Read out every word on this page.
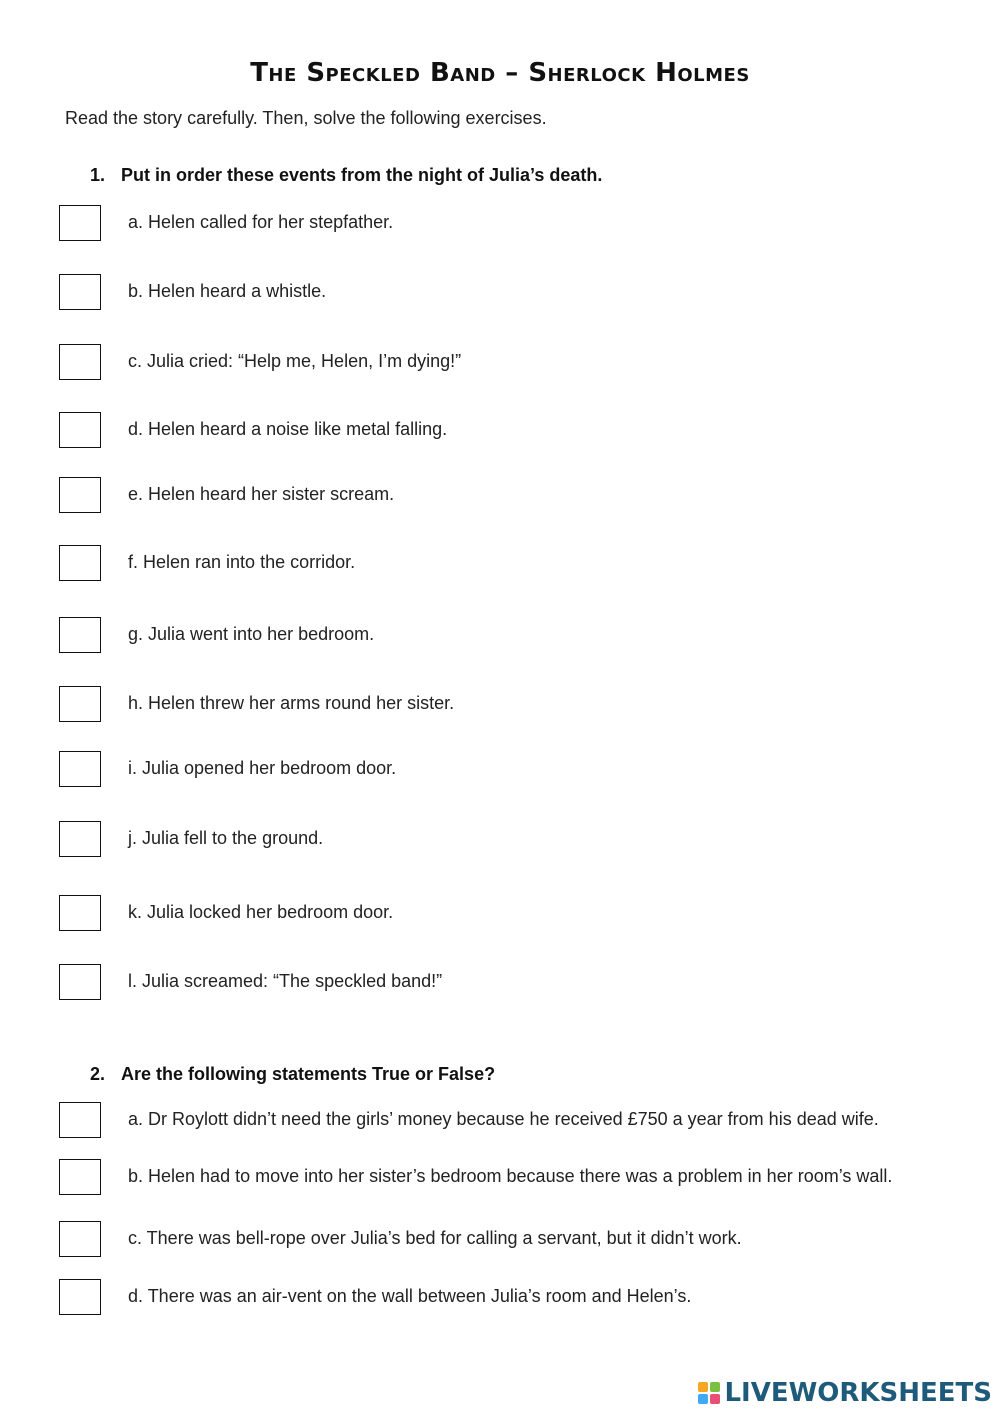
The Speckled Band – Sherlock Holmes
Read the story carefully. Then, solve the following exercises.
1. Put in order these events from the night of Julia’s death.
a. Helen called for her stepfather.
b. Helen heard a whistle.
c. Julia cried: “Help me, Helen, I’m dying!”
d. Helen heard a noise like metal falling.
e. Helen heard her sister scream.
f. Helen ran into the corridor.
g. Julia went into her bedroom.
h. Helen threw her arms round her sister.
i. Julia opened her bedroom door.
j. Julia fell to the ground.
k. Julia locked her bedroom door.
l. Julia screamed: “The speckled band!”
2. Are the following statements True or False?
a. Dr Roylott didn’t need the girls’ money because he received £750 a year from his dead wife.
b. Helen had to move into her sister’s bedroom because there was a problem in her room’s wall.
c. There was bell-rope over Julia’s bed for calling a servant, but it didn’t work.
d. There was an air-vent on the wall between Julia’s room and Helen’s.
LIVEWORKSHEETS
